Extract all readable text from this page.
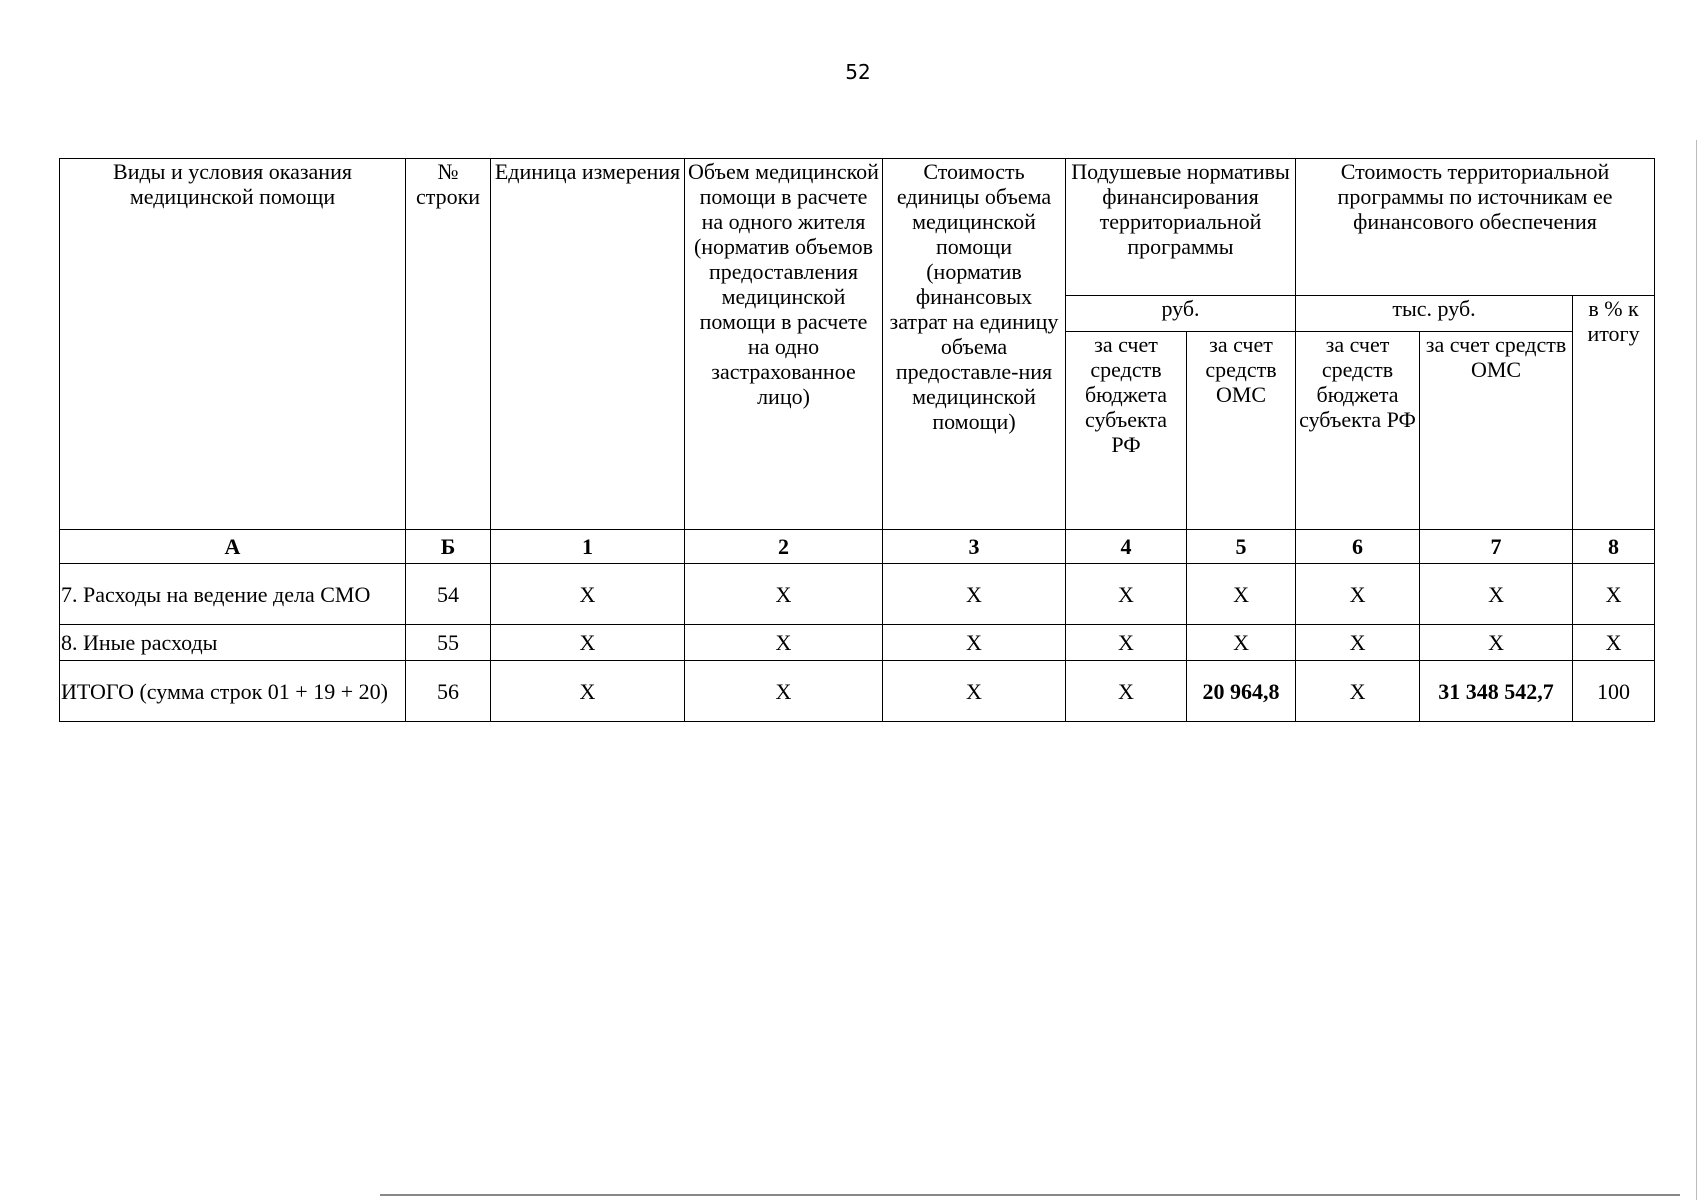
52
Виды и условия оказания медицинской помощи	№ строки	Единица измерения	Объем медицинской помощи в расчете на одного жителя (норматив объемов предоставления медицинской помощи в расчете на одно застрахованное лицо)	Стоимость единицы объема медицинской помощи (норматив финансовых затрат на единицу объема предоставле-ния медицинской помощи)	Подушевые нормативы финансирования территориальной программы		Стоимость территориальной программы по источникам ее финансового обеспечения		
					руб.		тыс. руб.		в % к итогу
					за счет средств бюджета субъекта РФ	за счет средств ОМС	за счет средств бюджета субъекта РФ	за счет средств ОМС	
А	Б	1	2	3	4	5	6	7	8
7. Расходы на ведение дела СМО	54	X	X	X	X	X	X	X	X
8. Иные расходы	55	X	X	X	X	X	X	X	X
ИТОГО (сумма строк 01 + 19 + 20)	56	X	X	X	X	20 964,8	X	31 348 542,7	100
